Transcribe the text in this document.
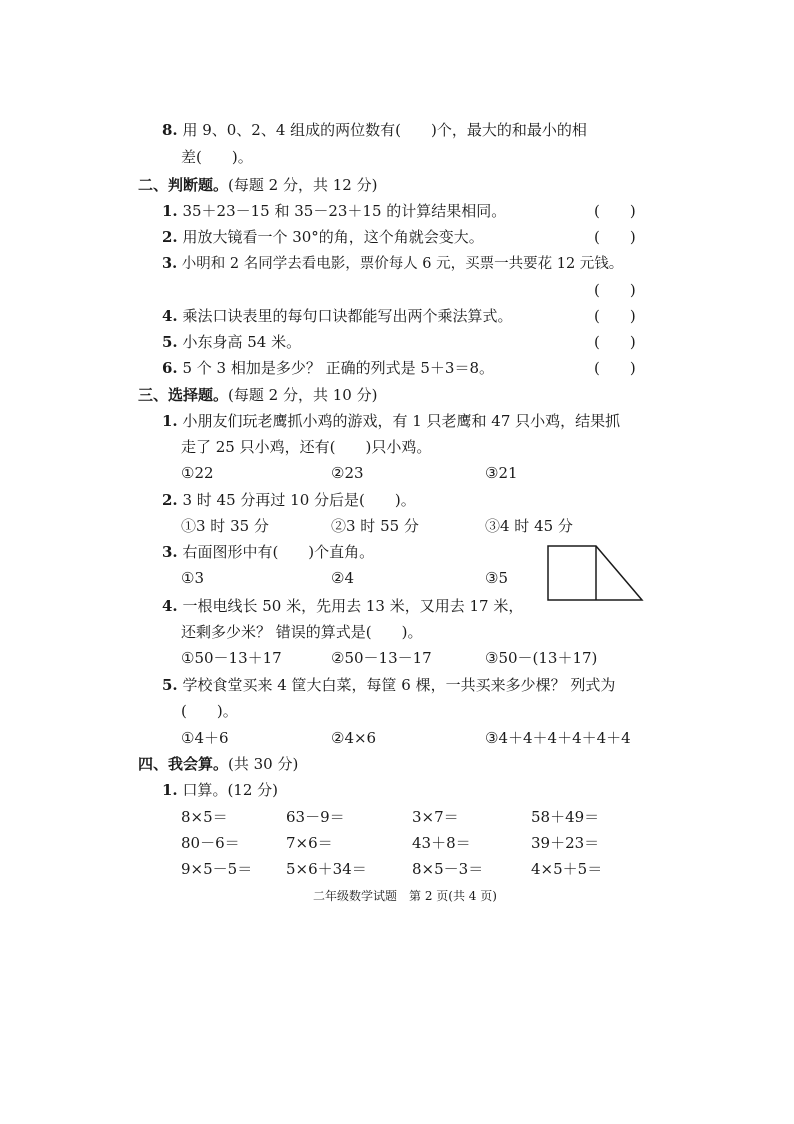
8. 用 9、0、2、4 组成的两位数有(　　)个，最大的和最小的相
差(　　)。
二、判断题。(每题 2 分，共 12 分)
1. 35＋23－15 和 35－23＋15 的计算结果相同。	(　　)
2. 用放大镜看一个 30°的角，这个角就会变大。	(　　)
3. 小明和 2 名同学去看电影，票价每人 6 元，买票一共要花 12 元钱。
(　　)
4. 乘法口诀表里的每句口诀都能写出两个乘法算式。	(　　)
5. 小东身高 54 米。	(　　)
6. 5 个 3 相加是多少？ 正确的列式是 5＋3＝8。	(　　)
三、选择题。(每题 2 分，共 10 分)
1. 小朋友们玩老鹰抓小鸡的游戏，有 1 只老鹰和 47 只小鸡，结果抓
走了 25 只小鸡，还有(　　)只小鸡。
①22	②23	③21
2. 3 时 45 分再过 10 分后是(　　)。
①3 时 35 分	②3 时 55 分	③4 时 45 分
3. 右面图形中有(　　)个直角。
①3	②4	③5
4. 一根电线长 50 米，先用去 13 米，又用去 17 米，
还剩多少米？ 错误的算式是(　　)。
①50－13＋17	②50－13－17	③50－(13＋17)
5. 学校食堂买来 4 筐大白菜，每筐 6 棵，一共买来多少棵？ 列式为
(　　)。
①4＋6	②4×6	③4＋4＋4＋4＋4＋4
四、我会算。(共 30 分)
1. 口算。(12 分)
8×5＝	63－9＝	3×7＝	58＋49＝
80－6＝	7×6＝	43＋8＝	39＋23＝
9×5－5＝ 5×6＋34＝	8×5－3＝	4×5＋5＝
二年级数学试题　第 2 页(共 4 页)
